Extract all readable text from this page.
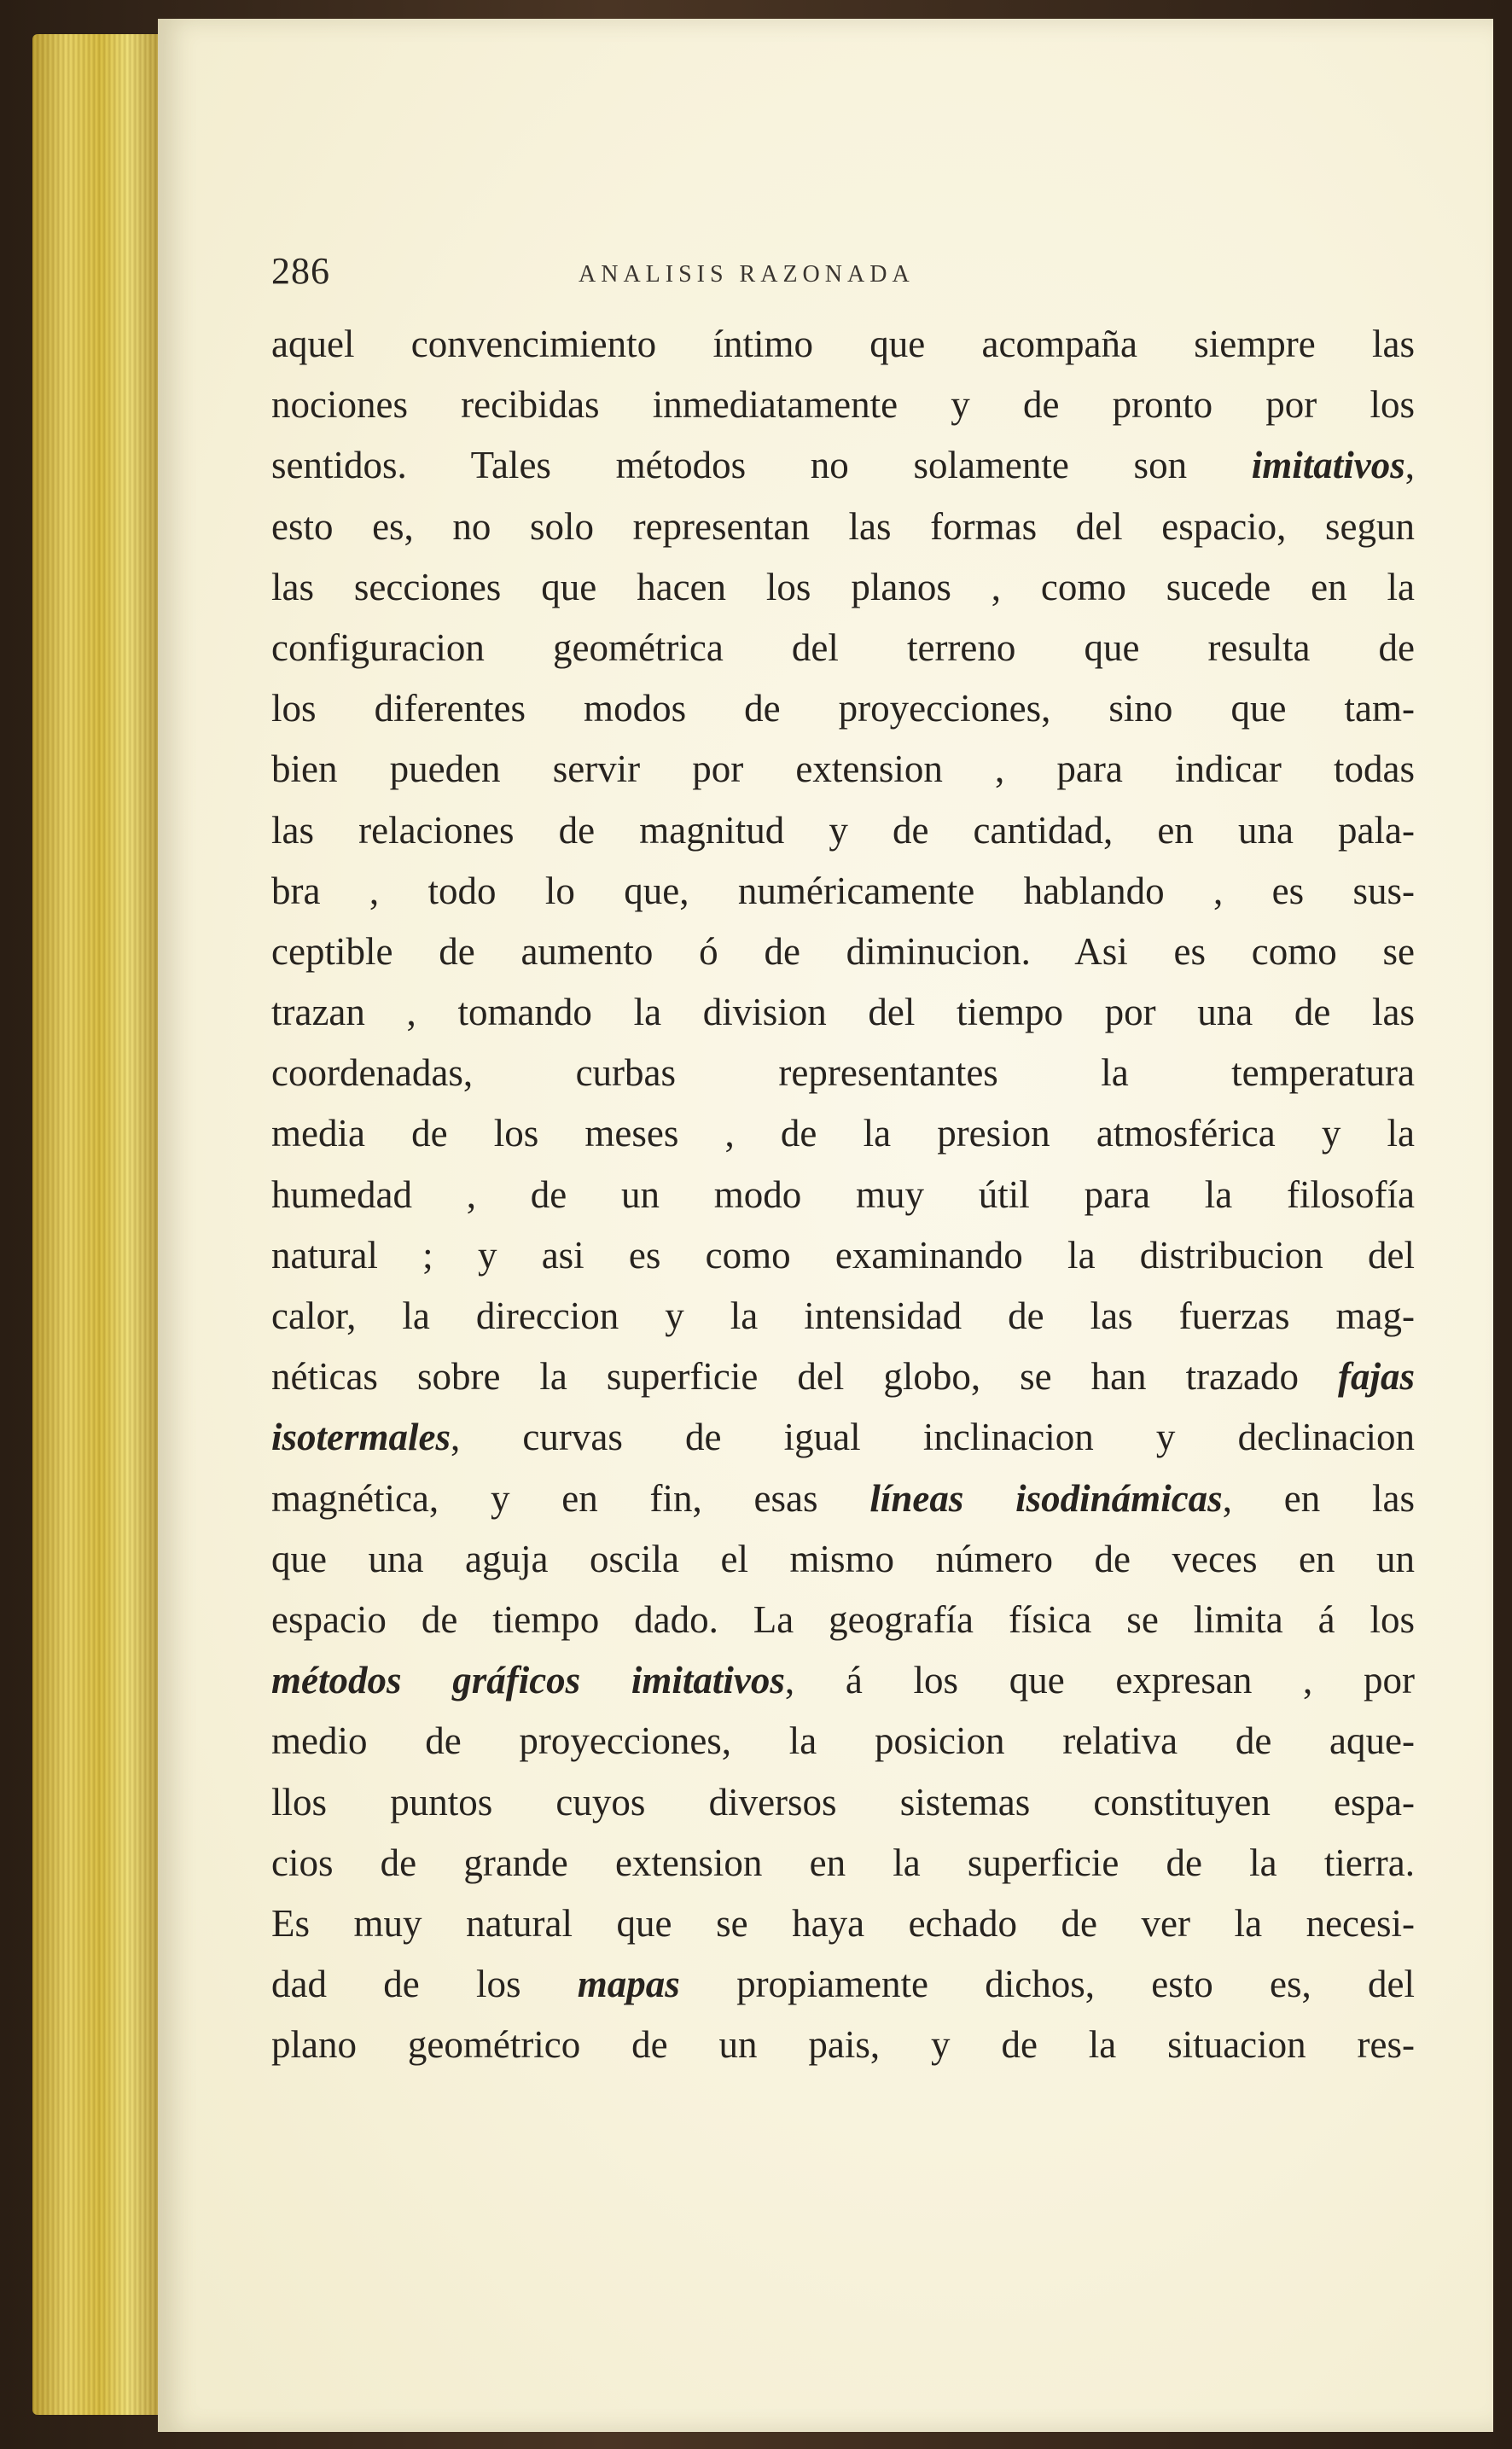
286	ANALISIS RAZONADA
aquel convencimiento íntimo que acompaña siempre las
nociones recibidas inmediatamente y de pronto por los
sentidos. Tales métodos no solamente son imitativos,
esto es, no solo representan las formas del espacio, segun
las secciones que hacen los planos , como sucede en la
configuracion geométrica del terreno que resulta de
los diferentes modos de proyecciones, sino que tam-
bien pueden servir por extension , para indicar todas
las relaciones de magnitud y de cantidad, en una pala-
bra , todo lo que, numéricamente hablando , es sus-
ceptible de aumento ó de diminucion. Asi es como se
trazan , tomando la division del tiempo por una de las
coordenadas, curbas representantes la temperatura
media de los meses , de la presion atmosférica y la
humedad , de un modo muy útil para la filosofía
natural ; y asi es como examinando la distribucion del
calor, la direccion y la intensidad de las fuerzas mag-
néticas sobre la superficie del globo, se han trazado fajas
isotermales, curvas de igual inclinacion y declinacion
magnética, y en fin, esas líneas isodinámicas, en las
que una aguja oscila el mismo número de veces en un
espacio de tiempo dado. La geografía física se limita á los
métodos gráficos imitativos, á los que expresan , por
medio de proyecciones, la posicion relativa de aque-
llos puntos cuyos diversos sistemas constituyen espa-
cios de grande extension en la superficie de la tierra.
Es muy natural que se haya echado de ver la necesi-
dad de los mapas propiamente dichos, esto es, del
plano geométrico de un pais, y de la situacion res-
